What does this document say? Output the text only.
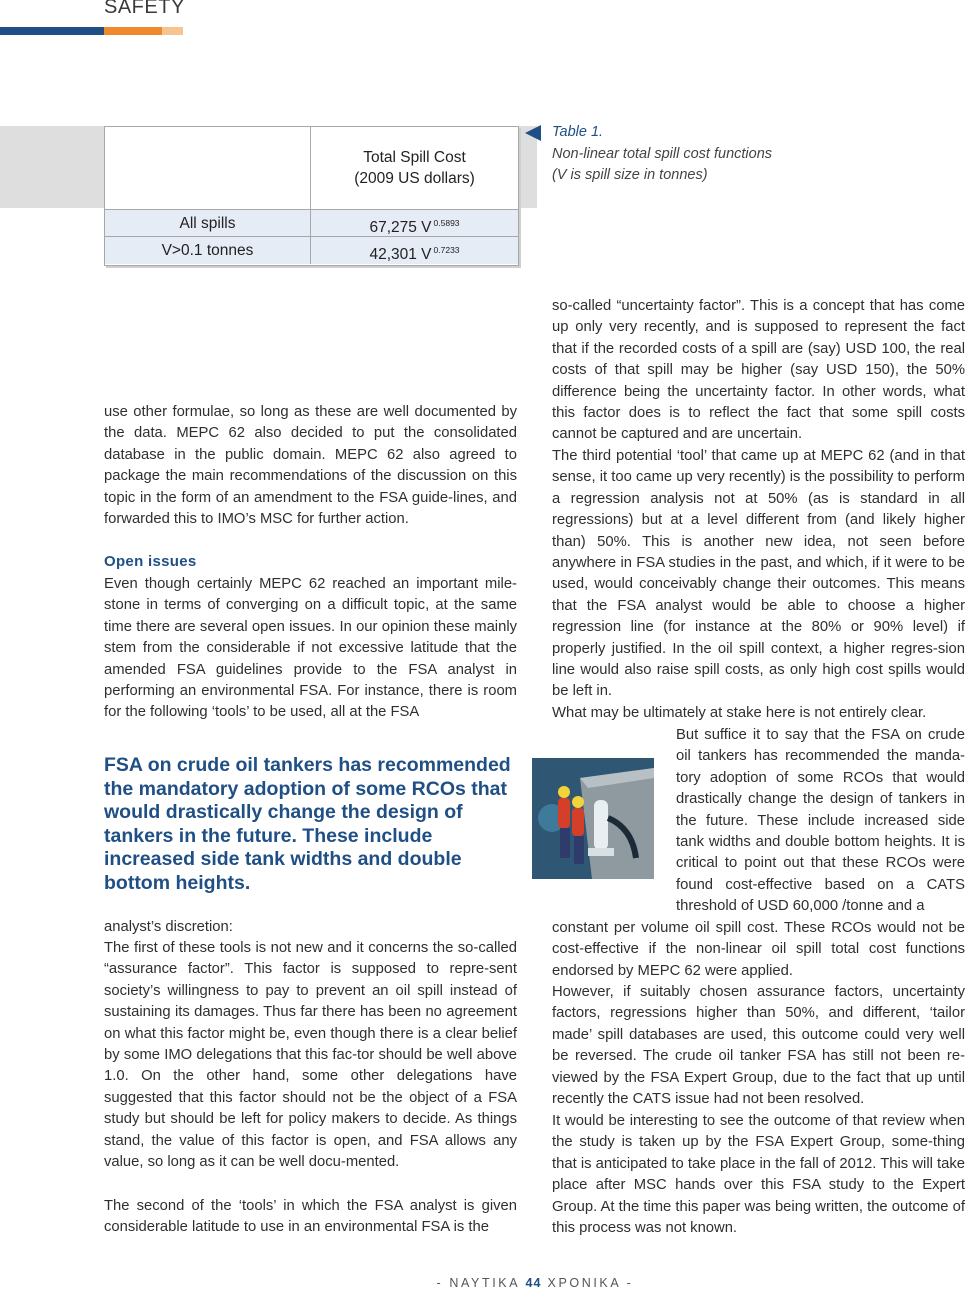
SAFETY
Total Spill Cost
(2009 US dollars)
All spills	67,275 V $^{0.5893}$
V>0.1 tonnes	42,301 V $^{0.7233}$
Table 1.
Non-linear total spill cost functions
(V is spill size in tonnes)
use other formulae, so long as these are well documented by the data. MEPC 62 also decided to put the consolidated database in the public domain. MEPC 62 also agreed to package the main recommendations of the discussion on this topic in the form of an amendment to the FSA guide-lines, and forwarded this to IMO’s MSC for further action.
Open issues
Even though certainly MEPC 62 reached an important mile-stone in terms of converging on a difficult topic, at the same time there are several open issues. In our opinion these mainly stem from the considerable if not excessive latitude that the amended FSA guidelines provide to the FSA analyst in performing an environmental FSA. For instance, there is room for the following ‘tools’ to be used, all at the FSA
FSA on crude oil tankers has recommended the mandatory adoption of some RCOs that would drastically change the design of tankers in the future. These include increased side tank widths and double bottom heights.
analyst’s discretion:
The first of these tools is not new and it concerns the so-called “assurance factor”. This factor is supposed to repre-sent society’s willingness to pay to prevent an oil spill instead of sustaining its damages. Thus far there has been no agreement on what this factor might be, even though there is a clear belief by some IMO delegations that this fac-tor should be well above 1.0. On the other hand, some other delegations have suggested that this factor should not be the object of a FSA study but should be left for policy makers to decide. As things stand, the value of this factor is open, and FSA allows any value, so long as it can be well docu-mented.
The second of the ‘tools’ in which the FSA analyst is given considerable latitude to use in an environmental FSA is the
so-called “uncertainty factor”. This is a concept that has come up only very recently, and is supposed to represent the fact that if the recorded costs of a spill are (say) USD 100, the real costs of that spill may be higher (say USD 150), the 50% difference being the uncertainty factor. In other words, what this factor does is to reflect the fact that some spill costs cannot be captured and are uncertain.
The third potential ‘tool’ that came up at MEPC 62 (and in that sense, it too came up very recently) is the possibility to perform a regression analysis not at 50% (as is standard in all regressions) but at a level different from (and likely higher than) 50%. This is another new idea, not seen before anywhere in FSA studies in the past, and which, if it were to be used, would conceivably change their outcomes. This means that the FSA analyst would be able to choose a higher regression line (for instance at the 80% or 90% level) if properly justified. In the oil spill context, a higher regres-sion line would also raise spill costs, as only high cost spills would be left in.
What may be ultimately at stake here is not entirely clear.
But suffice it to say that the FSA on crude oil tankers has recommended the manda-tory adoption of some RCOs that would drastically change the design of tankers in the future. These include increased side tank widths and double bottom heights. It is critical to point out that these RCOs were found cost-effective based on a CATS threshold of USD 60,000 /tonne and a
constant per volume oil spill cost. These RCOs would not be cost-effective if the non-linear oil spill total cost functions endorsed by MEPC 62 were applied.
However, if suitably chosen assurance factors, uncertainty factors, regressions higher than 50%, and different, ‘tailor made’ spill databases are used, this outcome could very well be reversed. The crude oil tanker FSA has still not been re-viewed by the FSA Expert Group, due to the fact that up until recently the CATS issue had not been resolved.
It would be interesting to see the outcome of that review when the study is taken up by the FSA Expert Group, some-thing that is anticipated to take place in the fall of 2012. This will take place after MSC hands over this FSA study to the Expert Group. At the time this paper was being written, the outcome of this process was not known.
- ΝΑΥΤΙΚΑ 44 ΧΡΟΝΙΚΑ -
